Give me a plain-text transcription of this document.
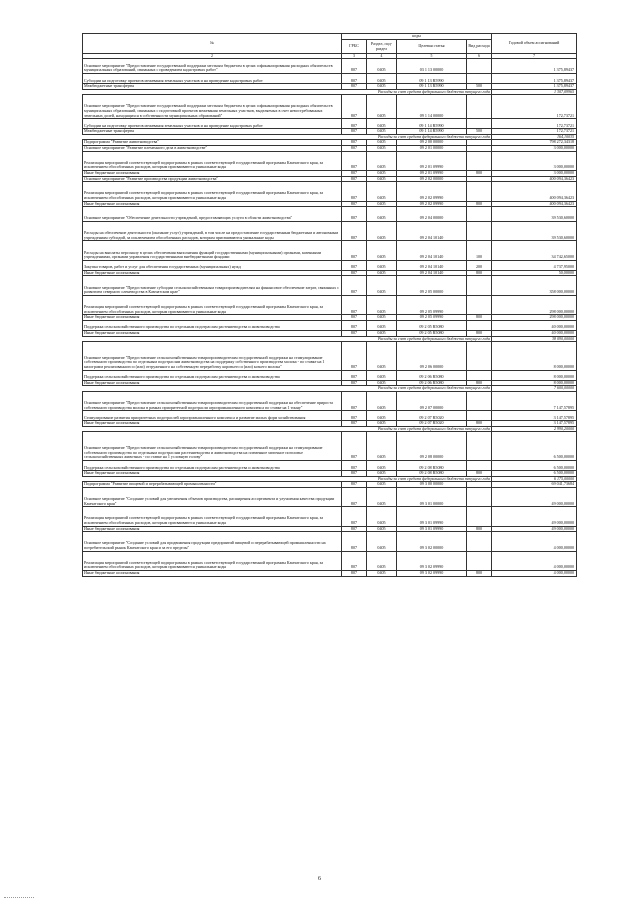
№	коды				Годовой объем ассигнований
	ГРБС	Раздел, под-раздел	Целевая статья	Вид расхода	
2	3	4	5	6	7
Основное мероприятие "Предоставление государственной поддержки местным бюджетам в целях софинансирования расходных обязательств муниципальных образований, связанных с проведением кадастровых работ"	807	0405	03 1 13 00000		1 375,89437
Субсидии на подготовку проектов межевания земельных участков и на проведение кадастровых работ	807	0405	09 1 13 R5990		1 375,89437
Межбюджетные трансферты	807	0405	09 1 13 R5990	500	1 375,89437
Расходы за счет средств федерального бюджета текущего года					1 307,09965
Основное мероприятие "Предоставление государственной поддержки местным бюджетам в целях софинансирования расходных обязательств муниципальных образований, связанных с подготовкой проектов межевания земельных участков, выделяемых в счет невостребованных земельных долей, находящихся в собственности муниципальных образований"	807	0405	09 1 14 00000		172,73721
Субсидии на подготовку проектов межевания земельных участков и на проведение кадастровых работ	807	0405	09 1 14 R5990		172,73721
Межбюджетные трансферты	807	0405	09 1 14 R5990	500	172,73721
Расходы за счет средств федерального бюджета текущего года					164,10035
Подпрограмма "Развитие животноводства"	807	0405	09 2 00 00000		798 272,34318
Основное мероприятие "Развитие племенного дела в животноводстве"	807	0405	09 2 01 00000		3 000,00000
Реализация мероприятий соответствующей подпрограммы в рамках соответствующей государственной программы Камчатского края, за исключением обособленных расходов, которым присваиваются уникальные коды	807	0405	09 2 01 09990		3 000,00000
Иные бюджетные ассигнования	807	0405	09 2 01 09990	800	3 000,00000
Основное мероприятие "Развитие производства продукции животноводства"	807	0405	09 2 02 00000		400 094,36423
Реализация мероприятий соответствующей подпрограммы в рамках соответствующей государственной программы Камчатского края, за исключением обособленных расходов, которым присваиваются уникальные коды	807	0405	09 2 02 09990		400 094,36423
Иные бюджетные ассигнования	807	0405	09 2 02 09990	800	400 094,36423
Основное мероприятие "Обеспечение деятельности учреждений, предоставляющих услуги в области животноводства"	807	0405	09 2 04 00000		39 530,60000
Расходы на обеспечение деятельности (оказание услуг) учреждений, в том числе на предоставление государственным бюджетным и автономным учреждениям субсидий, за исключением обособленных расходов, которым присваиваются уникальные коды	807	0405	09 2 04 10140		39 530,60000
Расходы на выплаты персоналу в целях обеспечения выполнения функций государственными (муниципальными) органами, казенными учреждениями, органами управления государственными внебюджетными фондами	807	0405	09 2 04 10140	100	34 742,65000
Закупка товаров, работ и услуг для обеспечения государственных (муниципальных) нужд	807	0405	09 2 04 10140	200	4 737,95000
Иные бюджетные ассигнования	807	0405	09 2 04 10140	800	50,00000
Основное мероприятие "Предоставление субсидии сельскохозяйственным товаропроизводителям на финансовое обеспечение затрат, связанных с развитием северного оленеводства в Камчатском крае"	807	0405	09 2 05 00000		358 000,00000
Реализация мероприятий соответствующей подпрограммы в рамках соответствующей государственной программы Камчатского края, за исключением обособленных расходов, которым присваиваются уникальные коды	807	0405	09 2 05 09990		298 000,00000
Иные бюджетные ассигнования	807	0405	09 2 05 09990	800	298 000,00000
Поддержка сельскохозяйственного производства по отдельным подотраслям растениеводства и животноводства	807	0405	09 2 05 R5080		40 000,00000
Иные бюджетные ассигнования	807	0405	09 2 05 R5080	800	40 000,00000
Расходы за счет средств федерального бюджета текущего года					38 090,00000
Основное мероприятие "Предоставление сельскохозяйственным товаропроизводителям государственной поддержки на стимулирование собственного производства по отдельным подотраслям животноводства на поддержку собственного производства молока - по ставке на 1 килограмм реализованного и (или) отгруженного на собственную переработку коровьего и (или) козьего молока"	807	0405	09 2 06 00000		8 000,00000
Поддержка сельскохозяйственного производства по отдельным подотраслям растениеводства и животноводства	807	0405	09 2 06 R5080		8 000,00000
Иные бюджетные ассигнования	807	0405	09 2 06 R5080	800	8 000,00000
Расходы за счет средств федерального бюджета текущего года					7 600,00000
Основное мероприятие "Предоставление сельскохозяйственным товаропроизводителям государственной поддержки на обеспечение прироста собственного производства молока в рамках приоритетной подотрасли агропромышленного комплекса по ставке на 1 тонну"	807	0405	09 2 07 00000		7 147,57895
Стимулирование развития приоритетных подотраслей агропромышленного комплекса и развитие малых форм хозяйствования	807	0405	09 2 07 R5020		3 147,57895
Иные бюджетные ассигнования	807	0405	09 2 07 R5020	800	3 147,57895
Расходы за счет средств федерального бюджета текущего года					2 990,20000
Основное мероприятие "Предоставление сельскохозяйственным товаропроизводителям государственной поддержки на стимулирование собственного производства по отдельным подотраслям растениеводства и животноводства на племенное маточное поголовье сельскохозяйственных животных - по ставке на 1 условную голову"	807	0405	09 2 08 00000		6 500,00000
Поддержка сельскохозяйственного производства по отдельным подотраслям растениеводства и животноводства	807	0405	09 2 08 R5080		6 500,00000
Иные бюджетные ассигнования	807	0405	09 2 08 R5080	800	6 500,00000
Расходы за счет средств федерального бюджета текущего года					6 175,00000
Подпрограмма "Развитие пищевой и перерабатывающей промышленности"	807	0405	09 3 00 00000		69 041,73684
Основное мероприятие "Создание условий для увеличения объемов производства, расширения ассортимента и улучшения качества продукции Камчатского края"	807	0405	09 3 01 00000		49 000,00000
Реализация мероприятий соответствующей подпрограммы в рамках соответствующей государственной программы Камчатского края, за исключением обособленных расходов, которым присваиваются уникальные коды	807	0405	09 3 01 09990		49 000,00000
Иные бюджетные ассигнования	807	0405	09 3 01 09990	800	49 000,00000
Основное мероприятие "Создание условий для продвижения продукции предприятий пищевой и перерабатывающей промышленности на потребительский рынок Камчатского края и за его пределы"	807	0405	09 3 02 00000		4 000,00000
Реализация мероприятий соответствующей подпрограммы в рамках соответствующей государственной программы Камчатского края, за исключением обособленных расходов, которым присваиваются уникальные коды	807	0405	09 3 02 09990		4 000,00000
Иные бюджетные ассигнования	807	0405	09 3 02 09990	800	4 000,00000
6
